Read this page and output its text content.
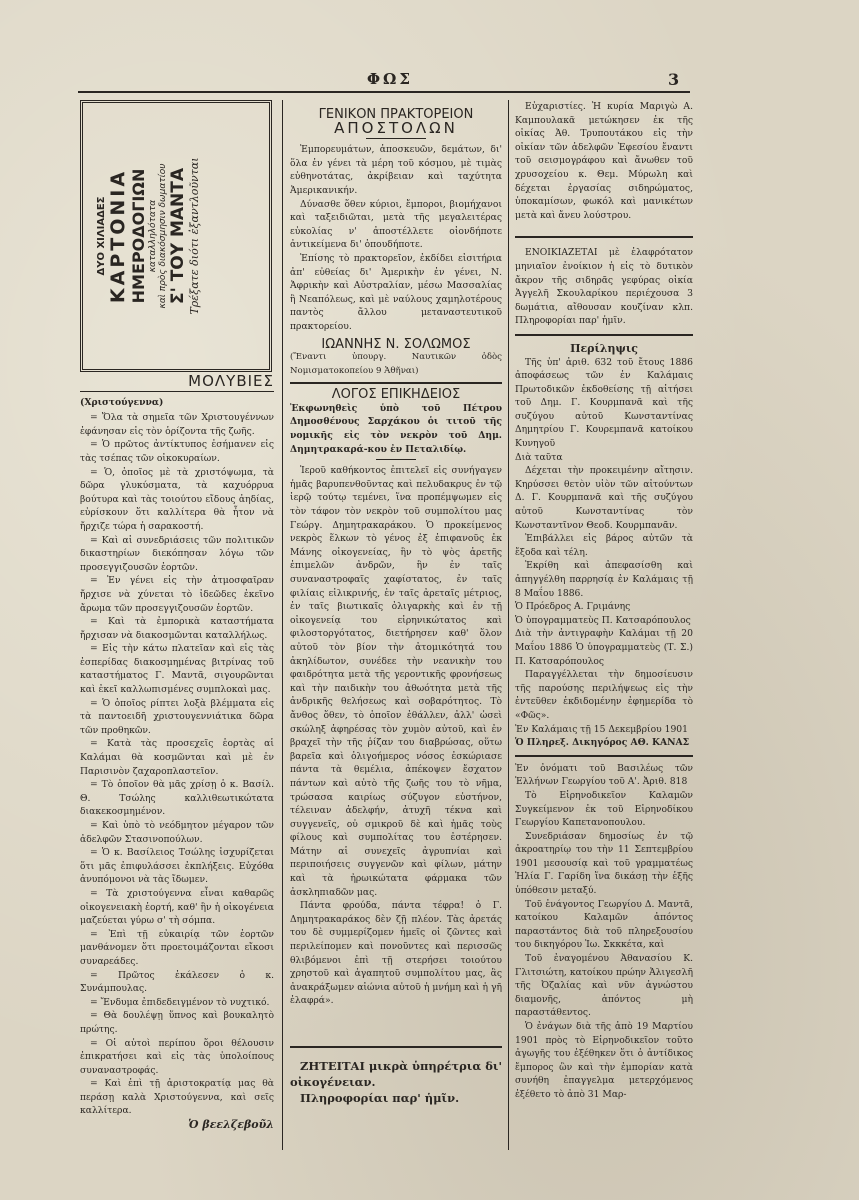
ΦΩΣ	3
ΔΥΟ ΧΙΛΙΑΔΕΣ ΚΑΡΤΟΝΙΑ ΗΜΕΡΟΔΟΓΙΩΝ καταλληλότατα καὶ πρὸς διακόσμησιν δωματίου Σ' ΤΟΥ ΜΑΝΤΑ Τρέξατε διότι ἐξαντλοῦνται
ΜΟΛΥΒΙΕΣ

(Χριστούγεννα)

= Ὅλα τὰ σημεῖα τῶν Χριστουγέννων ἐφάνησαν εἰς τὸν ὁρίζοντα τῆς ζωῆς.

= Ὁ πρῶτος ἀντίκτυπος ἐσήμανεν εἰς τὰς τσέπας τῶν οἰκοκυραίων.

= Ὁ, ὁποῖος μὲ τὰ χριστόψωμα, τὰ δῶρα γλυκύσματα, τὰ καχυόρρυα βούτυρα καὶ τὰς τοιούτου εἴδους ἀηδίας, εὑρίσκουν ὅτι καλλίτερα θὰ ἦτον νὰ ἤρχιζε τώρα ἡ σαρακοστή.

= Καὶ αἱ συνεδριάσεις τῶν πολιτικῶν δικαστηρίων διεκόπησαν λόγω τῶν προσεγγιζουσῶν ἑορτῶν.

= Ἐν γένει εἰς τὴν ἀτμοσφαῖραν ἤρχισε νὰ χύνεται τὸ ἰδεῶδες ἐκεῖνο ἄρωμα τῶν προσεγγιζουσῶν ἑορτῶν.

= Καὶ τὰ ἐμπορικὰ καταστήματα ἤρχισαν νὰ διακοσμῶνται καταλλήλως.

= Εἰς τὴν κάτω πλατεῖαν καὶ εἰς τὰς ἑσπερίδας διακοσμημένας βιτρίνας τοῦ καταστήματος Γ. Μαντᾶ, σιγουρῶνται καὶ ἐκεῖ καλλωπισμένες συμπλοκαὶ μας.

= Ὁ ὁποῖος ρίπτει λοξὰ βλέμματα εἰς τὰ παντοειδῆ χριστουγεννιάτικα δῶρα τῶν προθηκῶν.

= Κατὰ τὰς προσεχεῖς ἑορτὰς αἱ Καλάμαι θὰ κοσμῶνται καὶ μὲ ἐν Παρισινὸν ζαχαροπλαστεῖον.

= Τὸ ὁποῖον θὰ μᾶς χρίσῃ ὁ κ. Βασίλ. Θ. Τσώλης καλλιθεωτικώτατα διακεκοσμημένον.

= Καὶ ὑπὸ τὸ νεόδμητον μέγαρον τῶν ἀδελφῶν Στασινοπούλων.

= Ὁ κ. Βασίλειος Τσώλης ἰσχυρίζεται ὅτι μᾶς ἐπιφυλάσσει ἐκπλήξεις. Εὐχόθα ἀνυπόμονοι νὰ τὰς ἴδωμεν.

= Τὰ χριστούγεννα εἶναι καθαρῶς οἰκογενειακὴ ἑορτή, καθ' ἣν ἡ οἰκογένεια μαζεύεται γύρω σ' τὴ σόμπα.

= Ἐπὶ τῇ εὐκαιρίᾳ τῶν ἑορτῶν μανθάνομεν ὅτι προετοιμάζονται εἴκοσι συναρεάδες.

= Πρῶτος ἐκάλεσεν ὁ κ. Συνάμπουλας.

= Ἔνδυμα ἐπιδεδειγμένον τὸ νυχτικό.

= Θὰ δουλέψῃ ὕπνος καὶ βουκαλητὸ πρώτης.

= Οἱ αὐτοὶ περίπου ὅροι θέλουσιν ἐπικρατήσει καὶ εἰς τὰς ὑπολοίπους συναναστροφάς.

= Καὶ ἐπὶ τῇ ἀριστοκρατίᾳ μας θὰ περάσῃ καλὰ Χριστούγεννα, καὶ σεῖς καλλίτερα.

Ὁ βεελζεβοῦλ

ΓΕΝΙΚΟΝ ΠΡΑΚΤΟΡΕΙΟΝ
ΑΠΟΣΤΟΛΩΝ

Ἐμπορευμάτων, ἀποσκευῶν, δεμάτων, δι' ὅλα ἐν γένει τὰ μέρη τοῦ κόσμου, μὲ τιμὰς εὐθηνοτάτας, ἀκρίβειαν καὶ ταχύτητα Ἀμερικανικήν.

Δύνασθε ὅθεν κύριοι, ἔμποροι, βιομήχανοι καὶ ταξειδιῶται, μετὰ τῆς μεγαλειτέρας εὐκολίας ν' ἀποστέλλετε οἱονδήποτε ἀντικείμενα δι' ὁπουδήποτε.

Ἐπίσης τὸ πρακτορεῖον, ἐκδίδει εἰσιτήρια ἀπ' εὐθείας δι' Ἀμερικὴν ἐν γένει, Ν. Ἀφρικὴν καὶ Αὐστραλίαν, μέσω Μασσαλίας ἢ Νεαπόλεως, καὶ μὲ ναύλους χαμηλοτέρους παντὸς ἄλλου μεταναστευτικοῦ πρακτορείου.

ΙΩΑΝΝΗΣ Ν. ΣΟΛΩΜΟΣ

(Ἔναντι ὑπουργ. Ναυτικῶν ὁδὸς Νομισματοκοπείου 9 Ἀθῆναι)

ΛΟΓΟΣ ΕΠΙΚΗΔΕΙΟΣ

Ἐκφωνηθεὶς ὑπὸ τοῦ Πέτρου Δημοσθένους Σαρχάκου ὁι τιτοῦ τῆς νομικῆς εἰς τὸν νεκρὸν τοῦ Δημ. Δημητρακαρά-κου ἐν Πεταλιδίῳ.

Ἱεροῦ καθήκοντος ἐπιτελεῖ εἰς συνήγαγεν ἡμᾶς βαρυπενθοῦντας καὶ πελυδακρυς ἐν τῷ ἱερῷ τούτῳ τεμένει, ἵνα προπέμψωμεν εἰς τὸν τάφον τὸν νεκρὸν τοῦ συμπολίτου μας Γεώργ. Δημητρακαράκου. Ὁ προκείμενος νεκρὸς ἕλκων τὸ γένος ἐξ ἐπιφανοῦς ἐκ Μάνης οἰκογενείας, ἣν τὸ ψὸς ἀρετῆς ἐπιμελῶν ἀνδρῶν, ἣν ἐν ταῖς συναναστροφαῖς χαφίστατος, ἐν ταῖς φιλίαις εἰλικρινής, ἐν ταῖς ἀρεταῖς μέτριος, ἐν ταῖς βιωτικαῖς ὀλιγαρκὴς καὶ ἐν τῇ οἰκογενείᾳ του εἰρηνικώτατος καὶ φιλοστοργότατος, διετήρησεν καθ' ὅλον αὐτοῦ τὸν βίον τὴν ἀτομικότητά του ἀκηλίδωτον, συνέδεε τὴν νεανικὴν του φαιδρότητα μετὰ τῆς γεροντικῆς φρονήσεως καὶ τὴν παιδικὴν του ἀθωότητα μετὰ τῆς ἀνδρικῆς θελήσεως καὶ σοβαρότητος. Τὸ ἄνθος ὅθεν, τὸ ὁποῖον ἐθάλλεν, ἀλλ' ὡσεὶ σκώληξ ἀφηρέσας τὸν χυμὸν αὐτοῦ, καὶ ἐν βραχεῖ τὴν τῆς ῥίζαν του διαβρώσας, οὕτω βαρεῖα καὶ ὀλιγοήμερος νόσος ἐσκώριασε πάντα τὰ θεμέλια, ἀπέκοψεν ἔσχατον πάντων καὶ αὐτὸ τῆς ζωῆς του τὸ νῆμα, τρώσασα καιρίως σύζυγον εὐστήνον, τέλειναν ἀδελφήν, ἀτυχῆ τέκνα καὶ συγγενεῖς, οὐ σμικροῦ δὲ καὶ ἡμᾶς τοὺς φίλους καὶ συμπολίτας του ἐστέρησεν. Μάτην αἱ συνεχεῖς ἀγρυπνίαι καὶ περιποιήσεις συγγενῶν καὶ φίλων, μάτην καὶ τὰ ἠρωικώτατα φάρμακα τῶν ἀσκληπιαδῶν μας.

Πάντα φρούδα, πάντα τέφρα! ὁ Γ. Δημητρακαράκος δὲν ζῇ πλέον. Τὰς ἀρετάς του δὲ συμμερίζομεν ἡμεῖς οἱ ζῶντες καὶ περιλείπομεν καὶ πονοῦντες καὶ περισσῶς θλιβόμενοι ἐπὶ τῇ στερήσει τοιούτου χρηστοῦ καὶ ἀγαπητοῦ συμπολίτου μας, ἂς ἀνακράξωμεν αἰώνια αὐτοῦ ἡ μνήμη καὶ ἡ γῆ ἐλαφρά».

ΖΗΤΕΙΤΑΙ μικρὰ ὑπηρέτρια δι' οἰκογένειαν.

Πληροφορίαι παρ' ἡμῖν.

Εὐχαριστίες. Ἡ κυρία Μαριγὼ Α. Καμπουλακᾶ μετώκησεν ἐκ τῆς οἰκίας Ἀθ. Τρυπουτάκου εἰς τὴν οἰκίαν τῶν ἀδελφῶν Ἐφεσίου ἔναντι τοῦ σεισμογράφου καὶ ἄνωθεν τοῦ χρυσοχείου κ. Θεμ. Μύρωλη καὶ δέχεται ἐργασίας σιδηρώματος, ὑποκαμίσων, φωκόλ καὶ μανικέτων μετὰ καὶ ἄνευ λούστρου.

ΕΝΟΙΚΙΑΖΕΤΑΙ μὲ ἐλαφρότατον μηνιαῖον ἐνοίκιον ἡ εἰς τὸ δυτικὸν ἄκρον τῆς σιδηρᾶς γεφύρας οἰκία Ἀγγελῆ Σκουλαρίκου περιέχουσα 3 δωμάτια, αἴθουσαν κουζίναν κλπ. Πληροφορίαι παρ' ἡμῖν.

Περίληψις

Τῆς ὑπ' ἀριθ. 632 τοῦ ἔτους 1886 ἀποφάσεως τῶν ἐν Καλάμαις Πρωτοδικῶν ἐκδοθείσης τῇ αἰτήσει τοῦ Δημ. Γ. Κουρμπανᾶ καὶ τῆς συζύγου αὐτοῦ Κωνσταντίνας Δημητρίου Γ. Κουρεμπανᾶ κατοίκου Κυνηγοῦ

Διὰ ταῦτα

Δέχεται τὴν προκειμένην αἴτησιν. Κηρύσσει θετὸν υἱὸν τῶν αἰτούντων Δ. Γ. Κουρμπανᾶ καὶ τῆς συζύγου αὐτοῦ Κωνσταντίνας τὸν Κωνσταντῖνον Θεοδ. Κουρμπανᾶν.

Ἐπιβάλλει εἰς βάρος αὐτῶν τὰ ἔξοδα καὶ τέλη.

Ἐκρίθη καὶ ἀπεφασίσθη καὶ ἀπηγγέλθη παρρησίᾳ ἐν Καλάμαις τῇ 8 Μαΐου 1886.

Ὁ Πρόεδρος Α. Γριμάνης

Ὁ ὑπογραμματεὺς Π. Κατσαρόπουλος

Διὰ τὴν ἀντιγραφὴν Καλάμαι τῇ 20 Μαΐου 1886 Ὁ ὑπογραμματεὺς (Τ. Σ.) Π. Κατσαρόπουλος

Παραγγέλλεται τὴν δημοσίευσιν τῆς παρούσης περιλήψεως εἰς τὴν ἐντεῦθεν ἐκδιδομένην ἐφημερίδα τὸ «Φῶς».

Ἐν Καλάμαις τῇ 15 Δεκεμβρίου 1901

Ὁ Πληρεξ. Δικηγόρος ΑΘ. ΚΑΝΑΣ

Ἐν ὀνόματι τοῦ Βασιλέως τῶν Ἑλλήνων Γεωργίου τοῦ Α'. Ἀριθ. 818

Τὸ Εἰρηνοδικεῖον Καλαμῶν Συγκείμενον ἐκ τοῦ Εἰρηνοδίκου Γεωργίου Καπετανοπουλου.

Συνεδριάσαν δημοσίως ἐν τῷ ἀκροατηρίῳ του τὴν 11 Σεπτεμβρίου 1901 μεσουσίᾳ καὶ τοῦ γραμματέως Ἠλία Γ. Γαρίδη ἵνα δικάσῃ τὴν ἑξῆς ὑπόθεσιν μεταξύ.

Τοῦ ἐνάγοντος Γεωργίου Δ. Μαντᾶ, κατοίκου Καλαμῶν ἀπόντος παραστάντος διὰ τοῦ πληρεξουσίου του δικηγόρου Ἰω. Σκκκέτα, καὶ

Τοῦ ἐναγομένου Ἀθανασίου Κ. Γλιτσιώτη, κατοίκου πρώην Ἀλιγεσλῆ τῆς Ὀζαλίας καὶ νῦν ἀγνώστου διαμονῆς, ἀπόντος μὴ παραστάθεντος.

Ὁ ἐνάγων διὰ τῆς ἀπὸ 19 Μαρτίου 1901 πρὸς τὸ Εἰρηνοδικεῖον τοῦτο ἀγωγῆς του ἐξέθηκεν ὅτι ὁ ἀντίδικος ἔμπορος ὢν καὶ τὴν ἐμπορίαν κατὰ συνήθη ἐπαγγελμα μετερχόμενος ἐξέθετο τὸ ἀπὸ 31 Μαρ-
